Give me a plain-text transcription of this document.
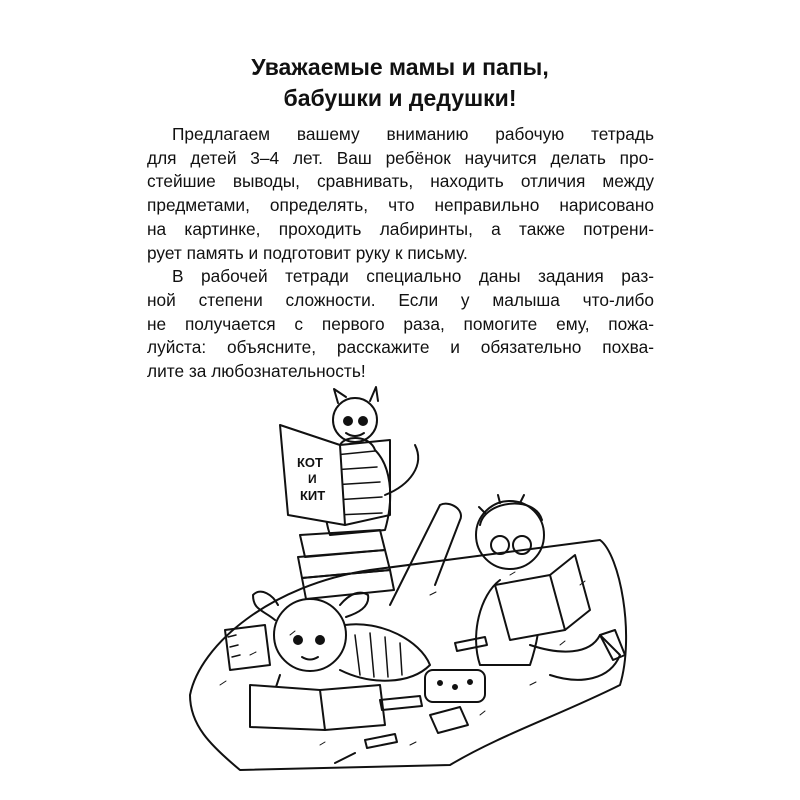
Уважаемые мамы и папы,
бабушки и дедушки!
Предлагаем вашему вниманию рабочую тетрадь
для детей 3–4 лет. Ваш ребёнок научится делать про-
стейшие выводы, сравнивать, находить отличия между
предметами, определять, что неправильно нарисовано
на картинке, проходить лабиринты, а также потрени-
рует память и подготовит руку к письму.
В рабочей тетради специально даны задания раз-
ной степени сложности. Если у малыша что-либо
не получается с первого раза, помогите ему, пожа-
луйста: объясните, расскажите и обязательно похва-
лите за любознательность!
КОТ
И
КИТ
